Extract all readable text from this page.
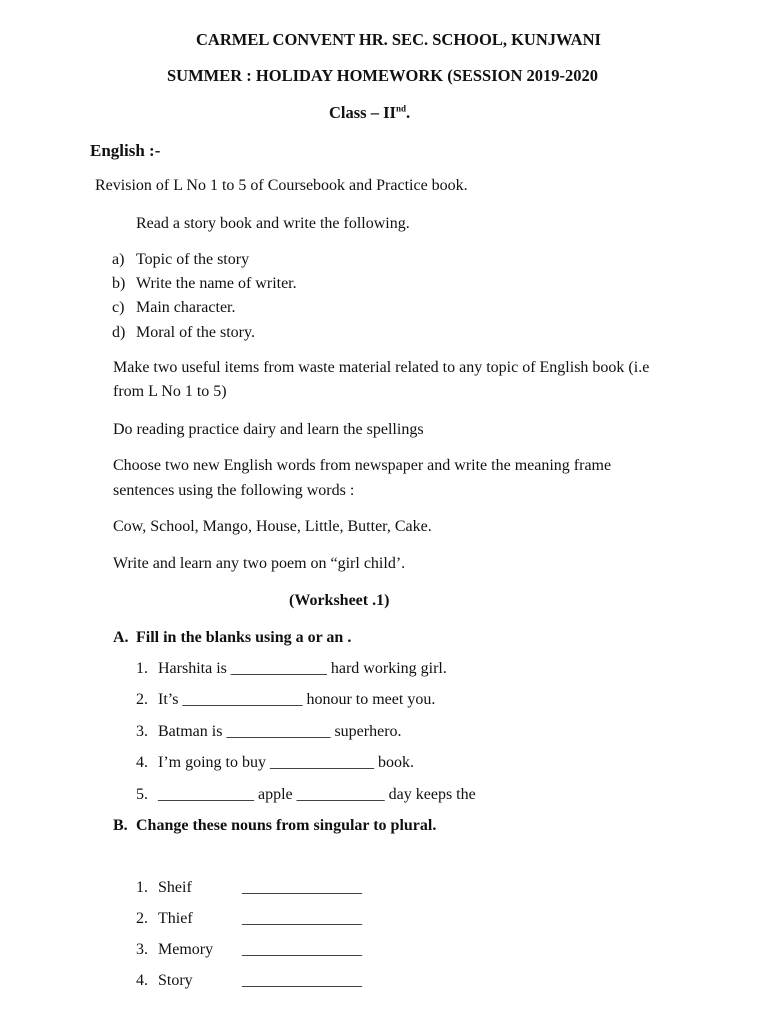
CARMEL CONVENT HR. SEC. SCHOOL, KUNJWANI
SUMMER : HOLIDAY HOMEWORK (SESSION 2019-2020
Class – IInd.
English :-
Revision of L No 1 to 5 of Coursebook and Practice book.
Read a story book and write the following.
a) Topic of the story
b) Write the name of writer.
c) Main character.
d) Moral of the story.
Make two useful items from waste material related to any topic of English book (i.e
from L No 1 to 5)
Do reading practice dairy and learn the spellings
Choose two new English words from newspaper and write the meaning frame
sentences using the following words :
Cow, School, Mango, House, Little, Butter, Cake.
Write and learn any two poem on “girl child’.
(Worksheet .1)
A. Fill in the blanks using a or an .
1. Harshita is ____________ hard working girl.
2. It’s _______________ honour to meet you.
3. Batman is _____________ superhero.
4. I’m going to buy _____________ book.
5. ____________ apple ___________ day keeps the
B. Change these nouns from singular to plural.
1. Sheif	_______________
2. Thief	_______________
3. Memory _______________
4. Story	_______________
